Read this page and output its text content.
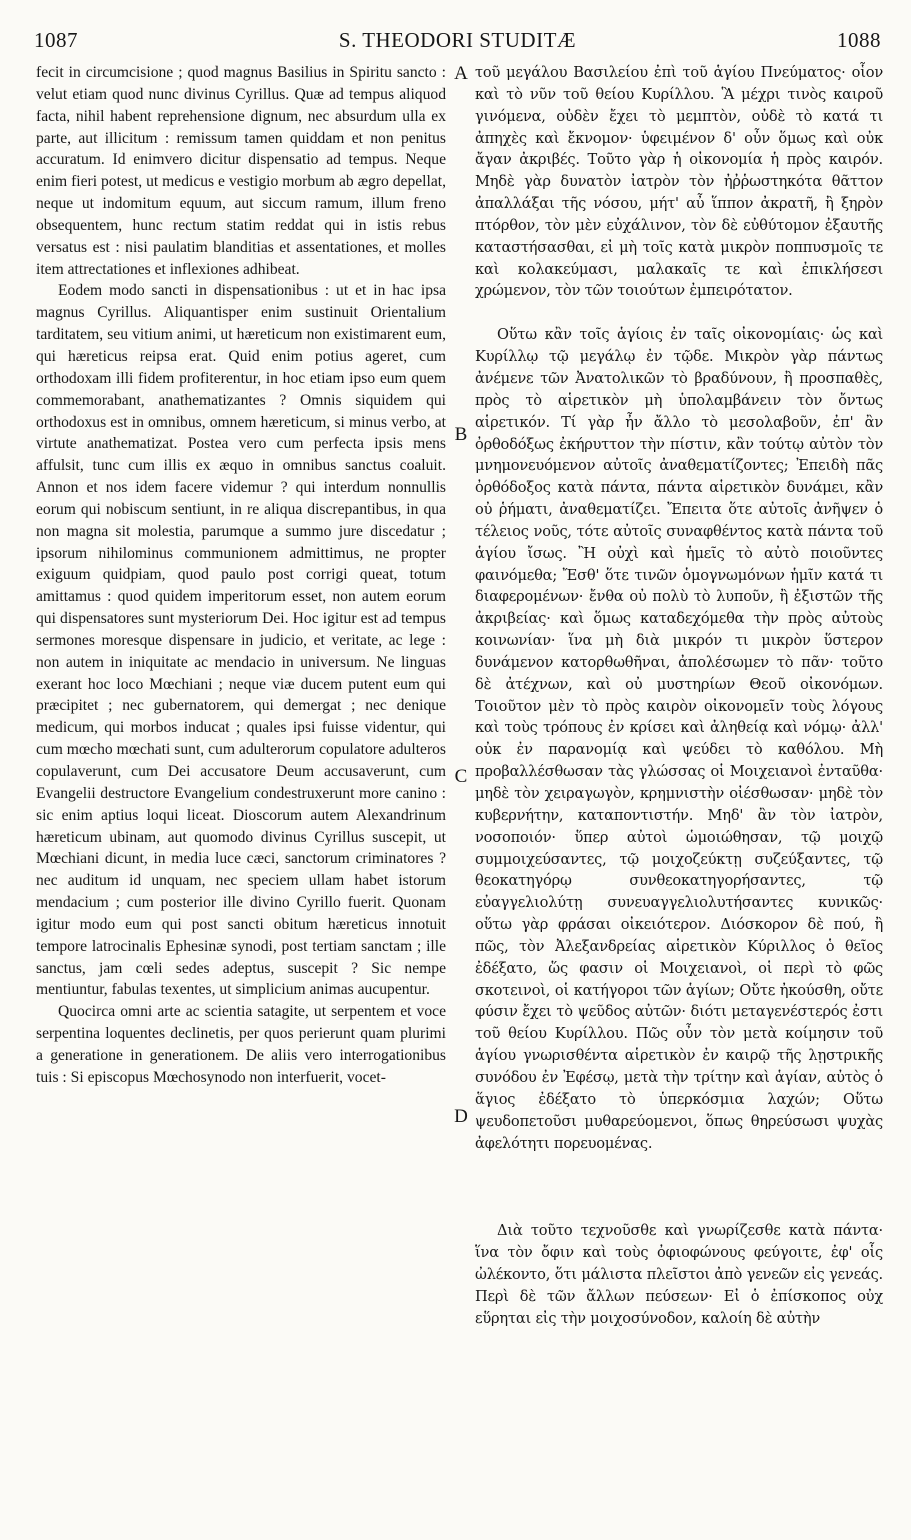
1087	S. THEODORI STUDITÆ	1088

fecit in circumcisione ; quod magnus Basilius in Spiritu sancto : velut etiam quod nunc divinus Cyrillus. Quæ ad tempus aliquod facta, nihil habent reprehensione dignum, nec absurdum ulla ex parte, aut illicitum : remissum tamen quiddam et non penitus accuratum. Id enimvero dicitur dispensatio ad tempus. Neque enim fieri potest, ut medicus e vestigio morbum ab ægro depellat, neque ut indomitum equum, aut siccum ramum, illum freno obsequentem, hunc rectum statim reddat qui in istis rebus versatus est : nisi paulatim blanditias et assentationes, et molles item attrectationes et inflexiones adhibeat.

Eodem modo sancti in dispensationibus : ut et in hac ipsa magnus Cyrillus. Aliquantisper enim sustinuit Orientalium tarditatem, seu vitium animi, ut hæreticum non existimarent eum, qui hæreticus reipsa erat. Quid enim potius ageret, cum orthodoxam illi fidem profiterentur, in hoc etiam ipso eum quem commemorabant, anathematizantes ? Omnis siquidem qui orthodoxus est in omnibus, omnem hæreticum, si minus verbo, at virtute anathematizat. Postea vero cum perfecta ipsis mens affulsit, tunc cum illis ex æquo in omnibus sanctus coaluit. Annon et nos idem facere videmur ? qui interdum nonnullis eorum qui nobiscum sentiunt, in re aliqua discrepantibus, in qua non magna sit molestia, parumque a summo jure discedatur ; ipsorum nihilominus communionem admittimus, ne propter exiguum quidpiam, quod paulo post corrigi queat, totum amittamus : quod quidem imperitorum esset, non autem eorum qui dispensatores sunt mysteriorum Dei. Hoc igitur est ad tempus sermones moresque dispensare in judicio, et veritate, ac lege : non autem in iniquitate ac mendacio in universum. Ne linguas exerant hoc loco Mœchiani ; neque viæ ducem putent eum qui præcipitet ; nec gubernatorem, qui demergat ; nec denique medicum, qui morbos inducat ; quales ipsi fuisse videntur, qui cum mœcho mœchati sunt, cum adulterorum copulatore adulteros copulaverunt, cum Dei accusatore Deum accusaverunt, cum Evangelii destructore Evangelium condestruxerunt more canino : sic enim aptius loqui liceat. Dioscorum autem Alexandrinum hæreticum ubinam, aut quomodo divinus Cyrillus suscepit, ut Mœchiani dicunt, in media luce cæci, sanctorum criminatores ? nec auditum id unquam, nec speciem ullam habet istorum mendacium ; cum posterior ille divino Cyrillo fuerit. Quonam igitur modo eum qui post sancti obitum hæreticus innotuit tempore latrocinalis Ephesinæ synodi, post tertiam sanctam ; ille sanctus, jam cœli sedes adeptus, suscepit ? Sic nempe mentiuntur, fabulas texentes, ut simplicium animas aucupentur.

Quocirca omni arte ac scientia satagite, ut serpentem et voce serpentina loquentes declinetis, per quos perierunt quam plurimi a generatione in generationem. De aliis vero interrogationibus tuis : Si episcopus Mœchosynodo non interfuerit, vocet-

A
B
C
D

τοῦ μεγάλου Βασιλείου ἐπὶ τοῦ ἁγίου Πνεύματος· οἷον καὶ τὸ νῦν τοῦ θείου Κυρίλλου. Ἃ μέχρι τινὸς καιροῦ γινόμενα, οὐδὲν ἔχει τὸ μεμπτὸν, οὐδὲ τὸ κατά τι ἀπηχὲς καὶ ἔκνομον· ὑφειμένον δ' οὖν ὅμως καὶ οὐκ ἄγαν ἀκριβές. Τοῦτο γὰρ ἡ οἰκονομία ἡ πρὸς καιρόν. Μηδὲ γὰρ δυνατὸν ἰατρὸν τὸν ἠῤῥωστηκότα θᾶττον ἀπαλλάξαι τῆς νόσου, μήτ' αὖ ἵππον ἀκρατῆ, ἢ ξηρὸν πτόρθον, τὸν μὲν εὐχάλινον, τὸν δὲ εὐθύτομον ἐξαυτῆς καταστήσασθαι, εἰ μὴ τοῖς κατὰ μικρὸν ποππυσμοῖς τε καὶ κολακεύμασι, μαλακαῖς τε καὶ ἐπικλήσεσι χρώμενον, τὸν τῶν τοιούτων ἐμπειρότατον.

Οὕτω κἂν τοῖς ἁγίοις ἐν ταῖς οἰκονομίαις· ὡς καὶ Κυρίλλῳ τῷ μεγάλῳ ἐν τῷδε. Μικρὸν γὰρ πάντως ἀνέμενε τῶν Ἀνατολικῶν τὸ βραδύνουν, ἢ προσπαθὲς, πρὸς τὸ αἱρετικὸν μὴ ὑπολαμβάνειν τὸν ὄντως αἱρετικόν. Τί γὰρ ἦν ἄλλο τὸ μεσολαβοῦν, ἐπ' ἂν ὀρθοδόξως ἐκήρυττον τὴν πίστιν, κἂν τούτῳ αὐτὸν τὸν μνημονευόμενον αὐτοῖς ἀναθεματίζοντες; Ἐπειδὴ πᾶς ὀρθόδοξος κατὰ πάντα, πάντα αἱρετικὸν δυνάμει, κἂν οὐ ῥήματι, ἀναθεματίζει. Ἔπειτα ὅτε αὐτοῖς ἀνῆψεν ὁ τέλειος νοῦς, τότε αὐτοῖς συναφθέντος κατὰ πάντα τοῦ ἁγίου ἴσως. Ἢ οὐχὶ καὶ ἡμεῖς τὸ αὐτὸ ποιοῦντες φαινόμεθα; Ἔσθ' ὅτε τινῶν ὁμογνωμόνων ἡμῖν κατά τι διαφερομένων· ἔνθα οὐ πολὺ τὸ λυποῦν, ἢ ἐξιστῶν τῆς ἀκριβείας· καὶ ὅμως καταδεχόμεθα τὴν πρὸς αὐτοὺς κοινωνίαν· ἵνα μὴ διὰ μικρόν τι μικρὸν ὕστερον δυνάμενον κατορθωθῆναι, ἀπολέσωμεν τὸ πᾶν· τοῦτο δὲ ἀτέχνων, καὶ οὐ μυστηρίων Θεοῦ οἰκονόμων. Τοιοῦτον μὲν τὸ πρὸς καιρὸν οἰκονομεῖν τοὺς λόγους καὶ τοὺς τρόπους ἐν κρίσει καὶ ἀληθείᾳ καὶ νόμῳ· ἀλλ' οὐκ ἐν παρανομίᾳ καὶ ψεύδει τὸ καθόλου. Μὴ προβαλλέσθωσαν τὰς γλώσσας οἱ Μοιχειανοὶ ἐνταῦθα· μηδὲ τὸν χειραγωγὸν, κρημνιστὴν οἰέσθωσαν· μηδὲ τὸν κυβερνήτην, καταποντιστήν. Μηδ' ἂν τὸν ἰατρὸν, νοσοποιόν· ὕπερ αὐτοὶ ὡμοιώθησαν, τῷ μοιχῷ συμμοιχεύσαντες, τῷ μοιχοζεύκτῃ συζεύξαντες, τῷ θεοκατηγόρῳ συνθεοκατηγορήσαντες, τῷ εὐαγγελιολύτῃ συνευαγγελιολυτήσαντες κυνικῶς· οὕτω γὰρ φράσαι οἰκειότερον. Διόσκορον δὲ πού, ἢ πῶς, τὸν Ἀλεξανδρείας αἱρετικὸν Κύριλλος ὁ θεῖος ἐδέξατο, ὥς φασιν οἱ Μοιχειανοὶ, οἱ περὶ τὸ φῶς σκοτεινοὶ, οἱ κατήγοροι τῶν ἁγίων; Οὔτε ἠκούσθη, οὔτε φύσιν ἔχει τὸ ψεῦδος αὐτῶν· διότι μεταγενέστερός ἐστι τοῦ θείου Κυρίλλου. Πῶς οὖν τὸν μετὰ κοίμησιν τοῦ ἁγίου γνωρισθέντα αἱρετικὸν ἐν καιρῷ τῆς λῃστρικῆς συνόδου ἐν Ἐφέσῳ, μετὰ τὴν τρίτην καὶ ἁγίαν, αὐτὸς ὁ ἅγιος ἐδέξατο τὸ ὑπερκόσμια λαχών; Οὕτω ψευδοπετοῦσι μυθαρεύομενοι, ὅπως θηρεύσωσι ψυχὰς ἀφελότητι πορευομένας.

Διὰ τοῦτο τεχνοῦσθε καὶ γνωρίζεσθε κατὰ πάντα· ἵνα τὸν ὄφιν καὶ τοὺς ὀφιοφώνους φεύγοιτε, ἐφ' οἷς ὠλέκοντο, ὅτι μάλιστα πλεῖστοι ἀπὸ γενεῶν εἰς γενεάς. Περὶ δὲ τῶν ἄλλων πεύσεων· Εἰ ὁ ἐπίσκοπος οὐχ εὕρηται εἰς τὴν μοιχοσύνοδον, καλοίη δὲ αὐτὴν
